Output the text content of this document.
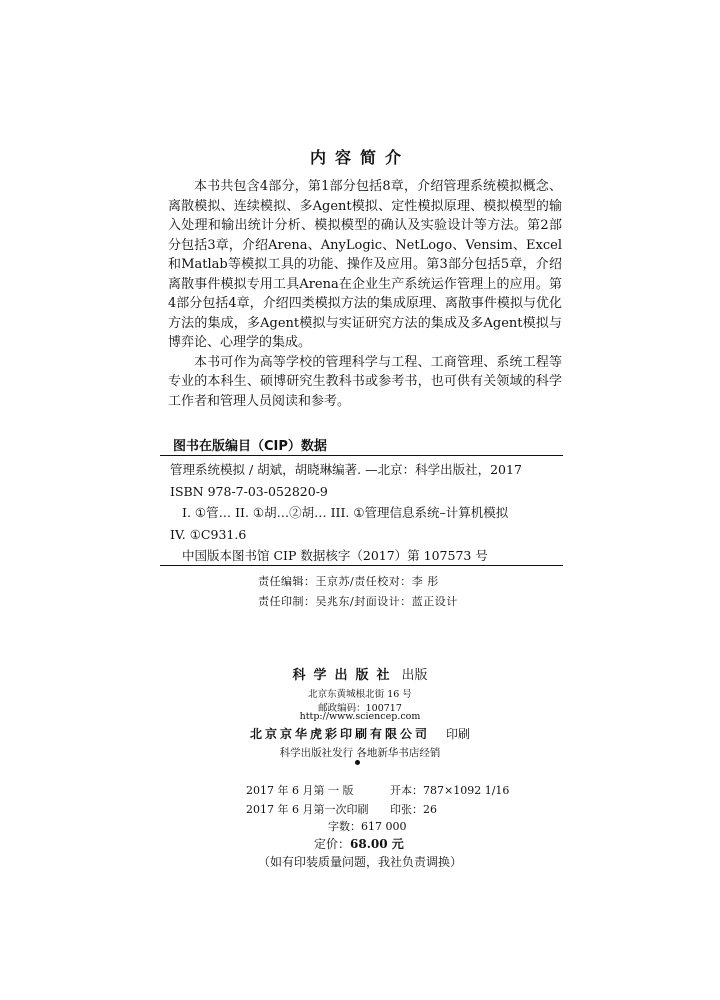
内容简介

本书共包含4部分，第1部分包括8章，介绍管理系统模拟概念、离散模拟、连续模拟、多Agent模拟、定性模拟原理、模拟模型的输入处理和输出统计分析、模拟模型的确认及实验设计等方法。第2部分包括3章，介绍Arena、AnyLogic、NetLogo、Vensim、Excel和Matlab等模拟工具的功能、操作及应用。第3部分包括5章，介绍离散事件模拟专用工具Arena在企业生产系统运作管理上的应用。第4部分包括4章，介绍四类模拟方法的集成原理、离散事件模拟与优化方法的集成，多Agent模拟与实证研究方法的集成及多Agent模拟与博弈论、心理学的集成。

本书可作为高等学校的管理科学与工程、工商管理、系统工程等专业的本科生、硕博研究生教科书或参考书，也可供有关领域的科学工作者和管理人员阅读和参考。

图书在版编目（CIP）数据
管理系统模拟 / 胡斌，胡晓琳编著. —北京：科学出版社，2017
ISBN 978-7-03-052820-9
I. ①管… II. ①胡…②胡… III. ①管理信息系统–计算机模拟
IV. ①C931.6
中国版本图书馆 CIP 数据核字（2017）第 107573 号
责任编辑：王京苏/责任校对：李 彤
责任印制：吴兆东/封面设计：蓝正设计
科学出版社 出版
北京东黄城根北街 16 号
邮政编码：100717
http://www.sciencep.com
北京京华虎彩印刷有限公司 印刷
科学出版社发行 各地新华书店经销
2017 年 6 月第 一 版	开本：787×1092 1/16
2017 年 6 月第一次印刷 印张：26
字数：617 000
定价：68.00 元
（如有印装质量问题，我社负责调换）
